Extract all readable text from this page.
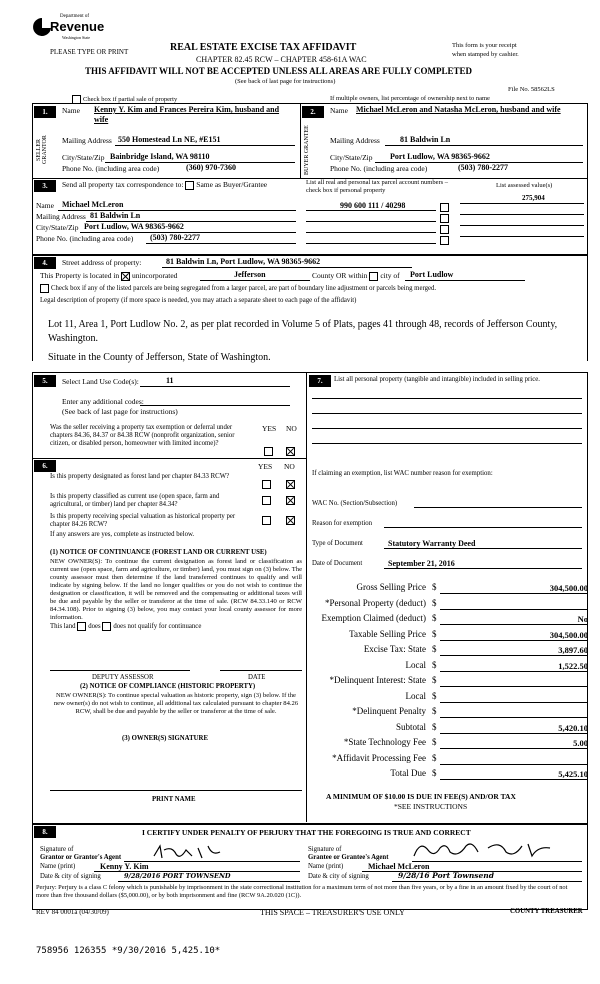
Department of
Revenue
Washington State
PLEASE TYPE OR PRINT	REAL ESTATE EXCISE TAX AFFIDAVIT
CHAPTER 82.45 RCW – CHAPTER 458-61A WAC
This form is your receipt
when stamped by cashier.
THIS AFFIDAVIT WILL NOT BE ACCEPTED UNLESS ALL AREAS ARE FULLY COMPLETED
(See back of last page for instructions)
File No. 58562LS
Check box if partial sale of property	If multiple owners, list percentage of ownership next to name
1.
SELLER GRANTOR
Name Kenny Y. Kim and Frances Pereira Kim, husband and wife
Mailing Address 550 Homestead Ln NE, #E151
City/State/Zip Bainbridge Island, WA 98110
Phone No. (including area code)	(360) 970-7360
2.
BUYER GRANTEE
Name Michael McLeron and Natasha McLeron, husband and wife
Mailing Address	81 Baldwin Ln
City/State/Zip Port Ludlow, WA 98365-9662
Phone No. (including area code)	(503) 780-2277
3.	Send all property tax correspondence to: Same as Buyer/Grantee
Name Michael McLeron
Mailing Address 81 Baldwin Ln
City/State/Zip Port Ludlow, WA 98365-9662
Phone No. (including area code) (503) 780-2277
List all real and personal tax parcel account numbers – check box if personal property
List assessed value(s)
275,904
990 600 111 / 40298

4.	Street address of property:	81 Baldwin Ln, Port Ludlow, WA 98365-9662
This Property is located in unincorporated	Jefferson	County OR within city of Port Ludlow
Check box if any of the listed parcels are being segregated from a larger parcel, are part of boundary line adjustment or parcels being merged.
Legal description of property (if more space is needed, you may attach a separate sheet to each page of the affidavit)
Lot 11, Area 1, Port Ludlow No. 2, as per plat recorded in Volume 5 of Plats, pages 41 through 48, records of Jefferson County, Washington.
Situate in the County of Jefferson, State of Washington.
5.	Select Land Use Code(s):	11
Enter any additional codes:
(See back of last page for instructions)
YES NO
Was the seller receiving a property tax exemption or deferral under chapters 84.36, 84.37 or 84.38 RCW (nonprofit organization, senior citizen, or disabled person, homeowner with limited income)?
6.	YES NO
Is this property designated as forest land per chapter 84.33 RCW?
Is this property classified as current use (open space, farm and agricultural, or timber) land per chapter 84.34?
Is this property receiving special valuation as historical property per chapter 84.26 RCW?
If any answers are yes, complete as instructed below.
(1) NOTICE OF CONTINUANCE (FOREST LAND OR CURRENT USE)
NEW OWNER(S): To continue the current designation as forest land or classification as current use (open space, farm and agriculture, or timber) land, you must sign on (3) below. The county assessor must then determine if the land transferred continues to qualify and will indicate by signing below. If the land no longer qualifies or you do not wish to continue the designation or classification, it will be removed and the compensating or additional taxes will be due and payable by the seller or transferor at the time of sale. (RCW 84.33.140 or RCW 84.34.108). Prior to signing (3) below, you may contact your local county assessor for more information.
This land does does not qualify for continuance
DEPUTY ASSESSOR	DATE
(2) NOTICE OF COMPLIANCE (HISTORIC PROPERTY)
NEW OWNER(S): To continue special valuation as historic property, sign (3) below. If the new owner(s) do not wish to continue, all additional tax calculated pursuant to chapter 84.26 RCW, shall be due and payable by the seller or transferor at the time of sale.
(3) OWNER(S) SIGNATURE
PRINT NAME
7.	List all personal property (tangible and intangible) included in selling price.
If claiming an exemption, list WAC number reason for exemption:
WAC No. (Section/Subsection)
Reason for exemption
Type of Document	Statutory Warranty Deed
Date of Document	September 21, 2016
Gross Selling Price $	304,500.00
*Personal Property (deduct) $
Exemption Claimed (deduct) $	No
Taxable Selling Price $	304,500.00
Excise Tax: State $	3,897.60
Local $	1,522.50
*Delinquent Interest: State $
Local $
*Delinquent Penalty $
Subtotal $	5,420.10
*State Technology Fee $	5.00
*Affidavit Processing Fee $
Total Due $	5,425.10
A MINIMUM OF $10.00 IS DUE IN FEE(S) AND/OR TAX
*SEE INSTRUCTIONS
8.	I CERTIFY UNDER PENALTY OF PERJURY THAT THE FOREGOING IS TRUE AND CORRECT
Signature of
Grantor or Grantor's Agent
Name (print)	Kenny Y. Kim
Date & city of signing	9/28/2016 PORT TOWNSEND
Signature of
Grantee or Grantee's Agent
Name (print)	Michael McLeron
Date & city of signing	9/28/16 Port Townsend
Perjury: Perjury is a class C felony which is punishable by imprisonment in the state correctional institution for a maximum term of not more than five years, or by a fine in an amount fixed by the court of not more than five thousand dollars ($5,000.00), or by both imprisonment and fine (RCW 9A.20.020 (1C)).
REV 84 0001a (04/30/09)	THIS SPACE – TREASURER'S USE ONLY	COUNTY TREASURER
758956 126355 *9/30/2016 5,425.10*
